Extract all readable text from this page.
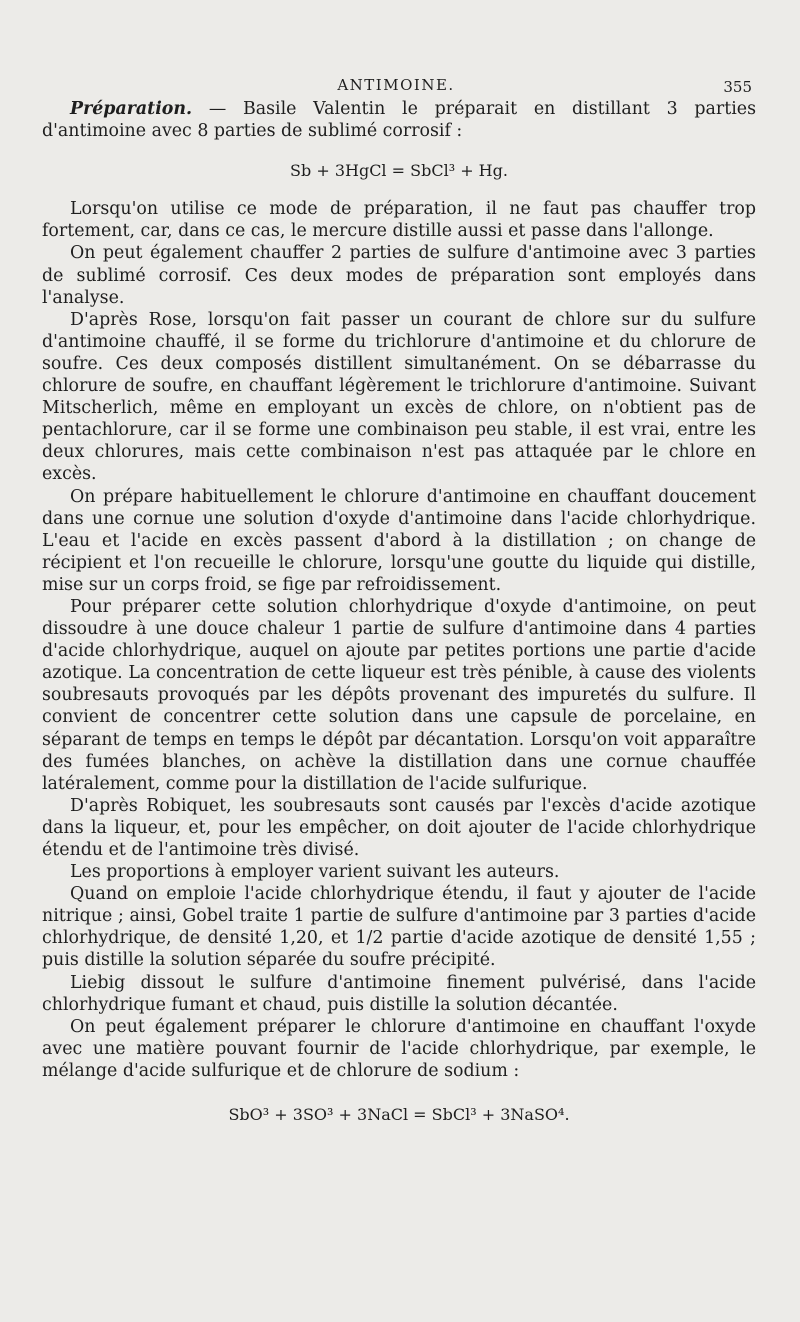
ANTIMOINE.	355

Préparation. — Basile Valentin le préparait en distillant 3 parties d'antimoine avec 8 parties de sublimé corrosif :

Sb + 3HgCl = SbCl³ + Hg.

Lorsqu'on utilise ce mode de préparation, il ne faut pas chauffer trop fortement, car, dans ce cas, le mercure distille aussi et passe dans l'allonge.

On peut également chauffer 2 parties de sulfure d'antimoine avec 3 parties de sublimé corrosif. Ces deux modes de préparation sont employés dans l'analyse.

D'après Rose, lorsqu'on fait passer un courant de chlore sur du sulfure d'antimoine chauffé, il se forme du trichlorure d'antimoine et du chlorure de soufre. Ces deux composés distillent simultanément. On se débarrasse du chlorure de soufre, en chauffant légèrement le trichlorure d'antimoine. Suivant Mitscherlich, même en employant un excès de chlore, on n'obtient pas de pentachlorure, car il se forme une combinaison peu stable, il est vrai, entre les deux chlorures, mais cette combinaison n'est pas attaquée par le chlore en excès.

On prépare habituellement le chlorure d'antimoine en chauffant doucement dans une cornue une solution d'oxyde d'antimoine dans l'acide chlorhydrique. L'eau et l'acide en excès passent d'abord à la distillation ; on change de récipient et l'on recueille le chlorure, lorsqu'une goutte du liquide qui distille, mise sur un corps froid, se fige par refroidissement.

Pour préparer cette solution chlorhydrique d'oxyde d'antimoine, on peut dissoudre à une douce chaleur 1 partie de sulfure d'antimoine dans 4 parties d'acide chlorhydrique, auquel on ajoute par petites portions une partie d'acide azotique. La concentration de cette liqueur est très pénible, à cause des violents soubresauts provoqués par les dépôts provenant des impuretés du sulfure. Il convient de concentrer cette solution dans une capsule de porcelaine, en séparant de temps en temps le dépôt par décantation. Lorsqu'on voit apparaître des fumées blanches, on achève la distillation dans une cornue chauffée latéralement, comme pour la distillation de l'acide sulfurique.

D'après Robiquet, les soubresauts sont causés par l'excès d'acide azotique dans la liqueur, et, pour les empêcher, on doit ajouter de l'acide chlorhydrique étendu et de l'antimoine très divisé.

Les proportions à employer varient suivant les auteurs.

Quand on emploie l'acide chlorhydrique étendu, il faut y ajouter de l'acide nitrique ; ainsi, Gobel traite 1 partie de sulfure d'antimoine par 3 parties d'acide chlorhydrique, de densité 1,20, et 1/2 partie d'acide azotique de densité 1,55 ; puis distille la solution séparée du soufre précipité.

Liebig dissout le sulfure d'antimoine finement pulvérisé, dans l'acide chlorhydrique fumant et chaud, puis distille la solution décantée.

On peut également préparer le chlorure d'antimoine en chauffant l'oxyde avec une matière pouvant fournir de l'acide chlorhydrique, par exemple, le mélange d'acide sulfurique et de chlorure de sodium :

SbO³ + 3SO³ + 3NaCl = SbCl³ + 3NaSO⁴.
